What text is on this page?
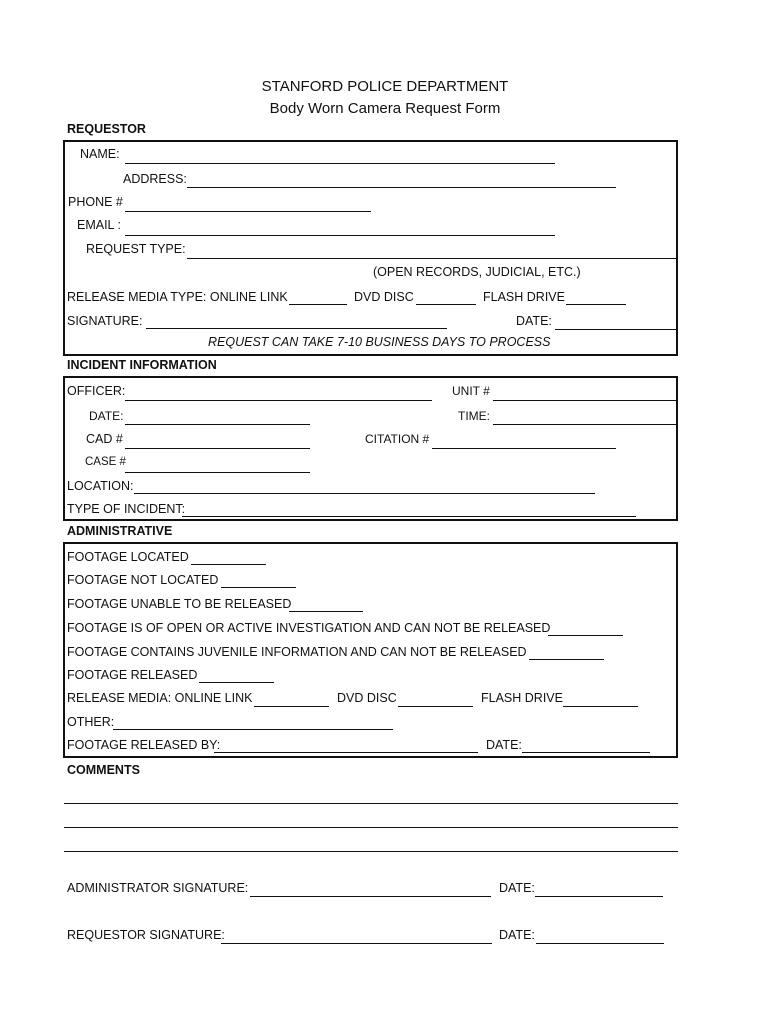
STANFORD POLICE DEPARTMENT
Body Worn Camera Request Form
REQUESTOR
NAME:
ADDRESS:
PHONE #
EMAIL :
REQUEST TYPE:
(OPEN RECORDS, JUDICIAL, ETC.)
RELEASE MEDIA TYPE: ONLINE LINK	DVD DISC	FLASH DRIVE
SIGNATURE:	DATE:
REQUEST CAN TAKE 7-10 BUSINESS DAYS TO PROCESS
INCIDENT INFORMATION
OFFICER:	UNIT #
DATE:	TIME:
CAD #	CITATION #
CASE #
LOCATION:
TYPE OF INCIDENT:
ADMINISTRATIVE
FOOTAGE LOCATED
FOOTAGE NOT LOCATED
FOOTAGE UNABLE TO BE RELEASED
FOOTAGE IS OF OPEN OR ACTIVE INVESTIGATION AND CAN NOT BE RELEASED
FOOTAGE CONTAINS JUVENILE INFORMATION AND CAN NOT BE RELEASED
FOOTAGE RELEASED
RELEASE MEDIA: ONLINE LINK	DVD DISC	FLASH DRIVE
OTHER:
FOOTAGE RELEASED BY:	DATE:
COMMENTS
ADMINISTRATOR SIGNATURE:	DATE:
REQUESTOR SIGNATURE:	DATE:
